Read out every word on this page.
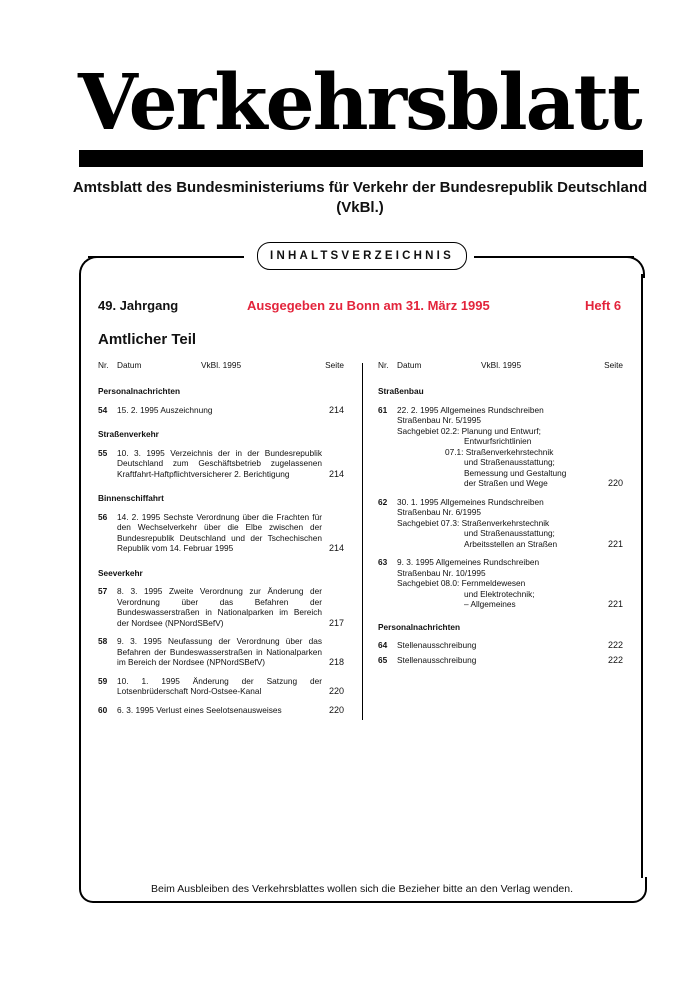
Verkehrsblatt
Amtsblatt des Bundesministeriums für Verkehr der Bundesrepublik Deutschland
(VkBl.)
INHALTSVERZEICHNIS
49. Jahrgang	Ausgegeben zu Bonn am 31. März 1995	Heft 6
Amtlicher Teil
Nr. Datum	VkBl. 1995	Seite
Personalnachrichten
54	15. 2. 1995 Auszeichnung	214
Straßenverkehr
55	10. 3. 1995 Verzeichnis der in der Bundesrepublik Deutschland zum Geschäftsbetrieb zugelassenen Kraftfahrt-Haftpflichtversicherer 2. Berichtigung	214
Binnenschiffahrt
56	14. 2. 1995 Sechste Verordnung über die Frachten für den Wechselverkehr über die Elbe zwischen der Bundesrepublik Deutschland und der Tschechischen Republik vom 14. Februar 1995	214
Seeverkehr
57	8. 3. 1995 Zweite Verordnung zur Änderung der Verordnung über das Befahren der Bundeswasserstraßen in Nationalparken im Bereich der Nordsee (NPNordSBefV)	217
58	9. 3. 1995 Neufassung der Verordnung über das Befahren der Bundeswasserstraßen in Nationalparken im Bereich der Nordsee (NPNordSBefV)	218
59	10. 1. 1995 Änderung der Satzung der Lotsenbrüderschaft Nord-Ostsee-Kanal	220
60	6. 3. 1995 Verlust eines Seelotsenausweises	220
Nr. Datum	VkBl. 1995	Seite
Straßenbau
61	22. 2. 1995 Allgemeines Rundschreiben
Straßenbau Nr. 5/1995
Sachgebiet 02.2: Planung und Entwurf;
Entwurfsrichtlinien
07.1: Straßenverkehrstechnik
und Straßenausstattung;
Bemessung und Gestaltung
der Straßen und Wege	220
62	30. 1. 1995 Allgemeines Rundschreiben
Straßenbau Nr. 6/1995
Sachgebiet 07.3: Straßenverkehrstechnik
und Straßenausstattung;
Arbeitsstellen an Straßen	221
63	9. 3. 1995 Allgemeines Rundschreiben
Straßenbau Nr. 10/1995
Sachgebiet 08.0: Fernmeldewesen
und Elektrotechnik;
– Allgemeines	221
Personalnachrichten
64	Stellenausschreibung	222
65	Stellenausschreibung	222
Beim Ausbleiben des Verkehrsblattes wollen sich die Bezieher bitte an den Verlag wenden.
